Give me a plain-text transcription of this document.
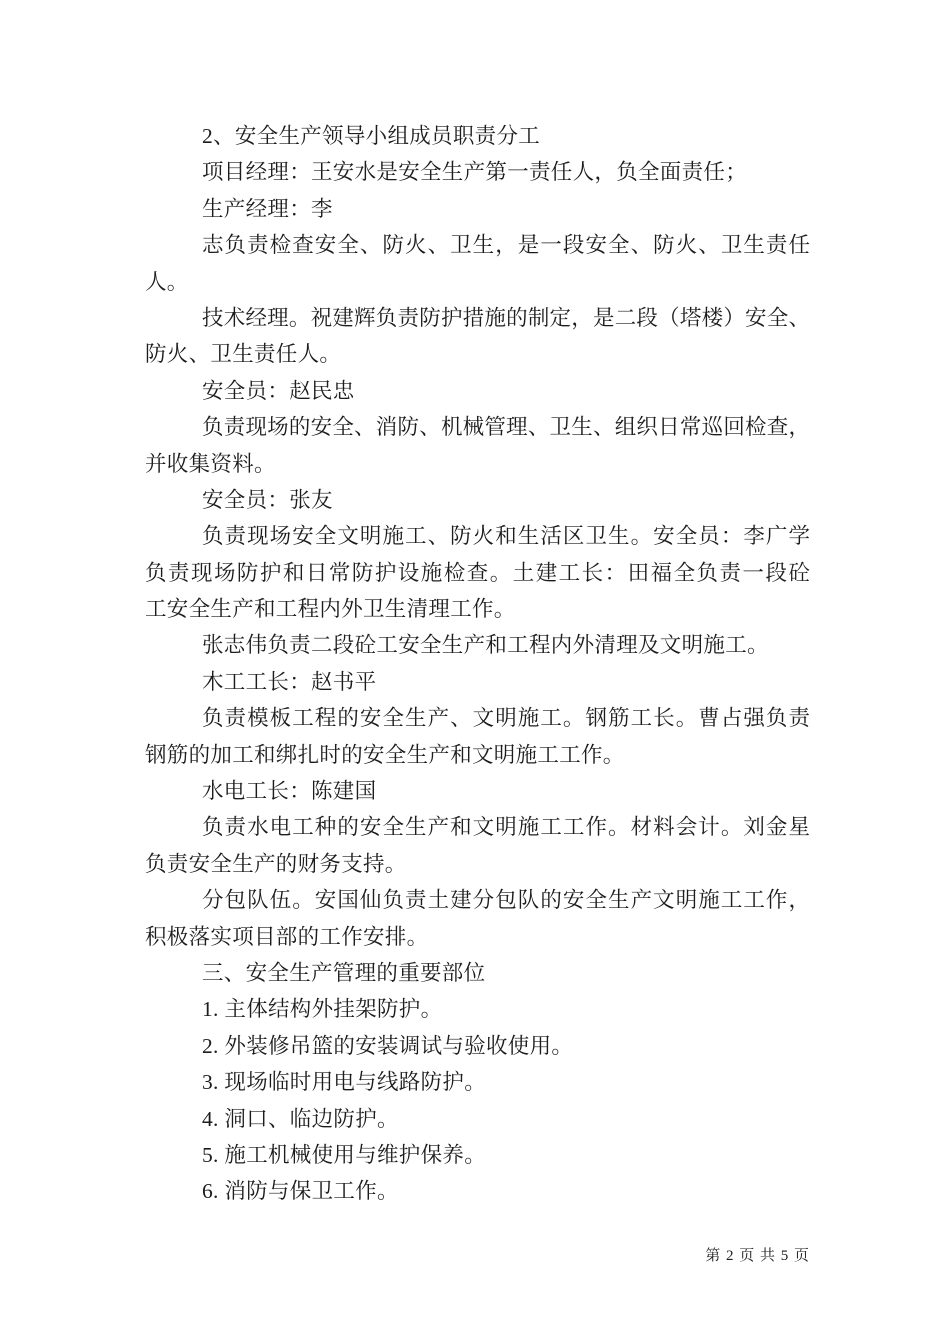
2、安全生产领导小组成员职责分工
项目经理：王安水是安全生产第一责任人，负全面责任；
生产经理：李
志负责检查安全、防火、卫生，是一段安全、防火、卫生责任
人。
技术经理。祝建辉负责防护措施的制定，是二段（塔楼）安全、
防火、卫生责任人。
安全员：赵民忠
负责现场的安全、消防、机械管理、卫生、组织日常巡回检查，
并收集资料。
安全员：张友
负责现场安全文明施工、防火和生活区卫生。安全员：李广学
负责现场防护和日常防护设施检查。土建工长：田福全负责一段砼
工安全生产和工程内外卫生清理工作。
张志伟负责二段砼工安全生产和工程内外清理及文明施工。
木工工长：赵书平
负责模板工程的安全生产、文明施工。钢筋工长。曹占强负责
钢筋的加工和绑扎时的安全生产和文明施工工作。
水电工长：陈建国
负责水电工种的安全生产和文明施工工作。材料会计。刘金星
负责安全生产的财务支持。
分包队伍。安国仙负责土建分包队的安全生产文明施工工作，
积极落实项目部的工作安排。
三、安全生产管理的重要部位
1. 主体结构外挂架防护。
2. 外装修吊篮的安装调试与验收使用。
3. 现场临时用电与线路防护。
4. 洞口、临边防护。
5. 施工机械使用与维护保养。
6. 消防与保卫工作。
第 2 页 共 5 页
